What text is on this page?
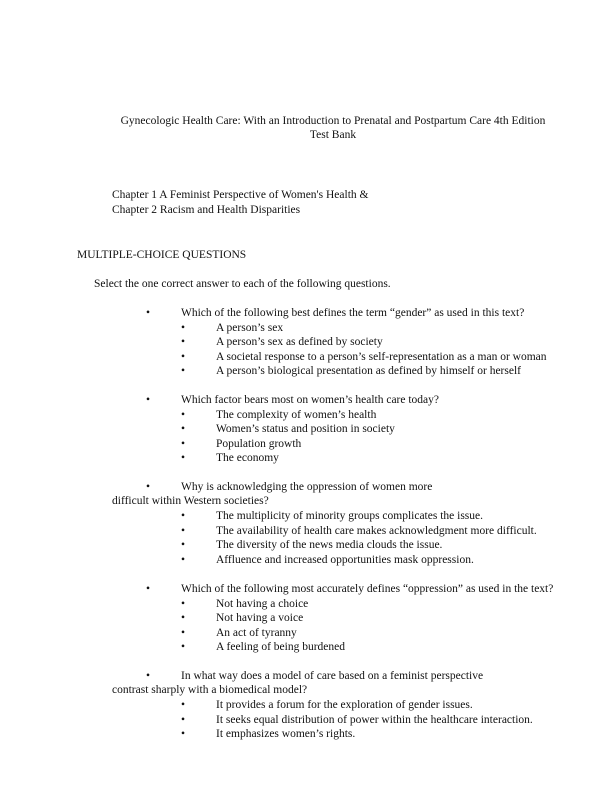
Gynecologic Health Care: With an Introduction to Prenatal and Postpartum Care 4th Edition
Test Bank
Chapter 1 A Feminist Perspective of Women's Health &
Chapter 2 Racism and Health Disparities
MULTIPLE-CHOICE QUESTIONS
Select the one correct answer to each of the following questions.
•	Which of the following best defines the term “gender” as used in this text?
•	A person’s sex
•	A person’s sex as defined by society
•	A societal response to a person’s self-representation as a man or woman
•	A person’s biological presentation as defined by himself or herself
•	Which factor bears most on women’s health care today?
•	The complexity of women’s health
•	Women’s status and position in society
•	Population growth
•	The economy
•	Why is acknowledging the oppression of women more
difficult within Western societies?
•	The multiplicity of minority groups complicates the issue.
•	The availability of health care makes acknowledgment more difficult.
•	The diversity of the news media clouds the issue.
•	Affluence and increased opportunities mask oppression.
•	Which of the following most accurately defines “oppression” as used in the text?
•	Not having a choice
•	Not having a voice
•	An act of tyranny
•	A feeling of being burdened
•	In what way does a model of care based on a feminist perspective
contrast sharply with a biomedical model?
•	It provides a forum for the exploration of gender issues.
•	It seeks equal distribution of power within the healthcare interaction.
•	It emphasizes women’s rights.
